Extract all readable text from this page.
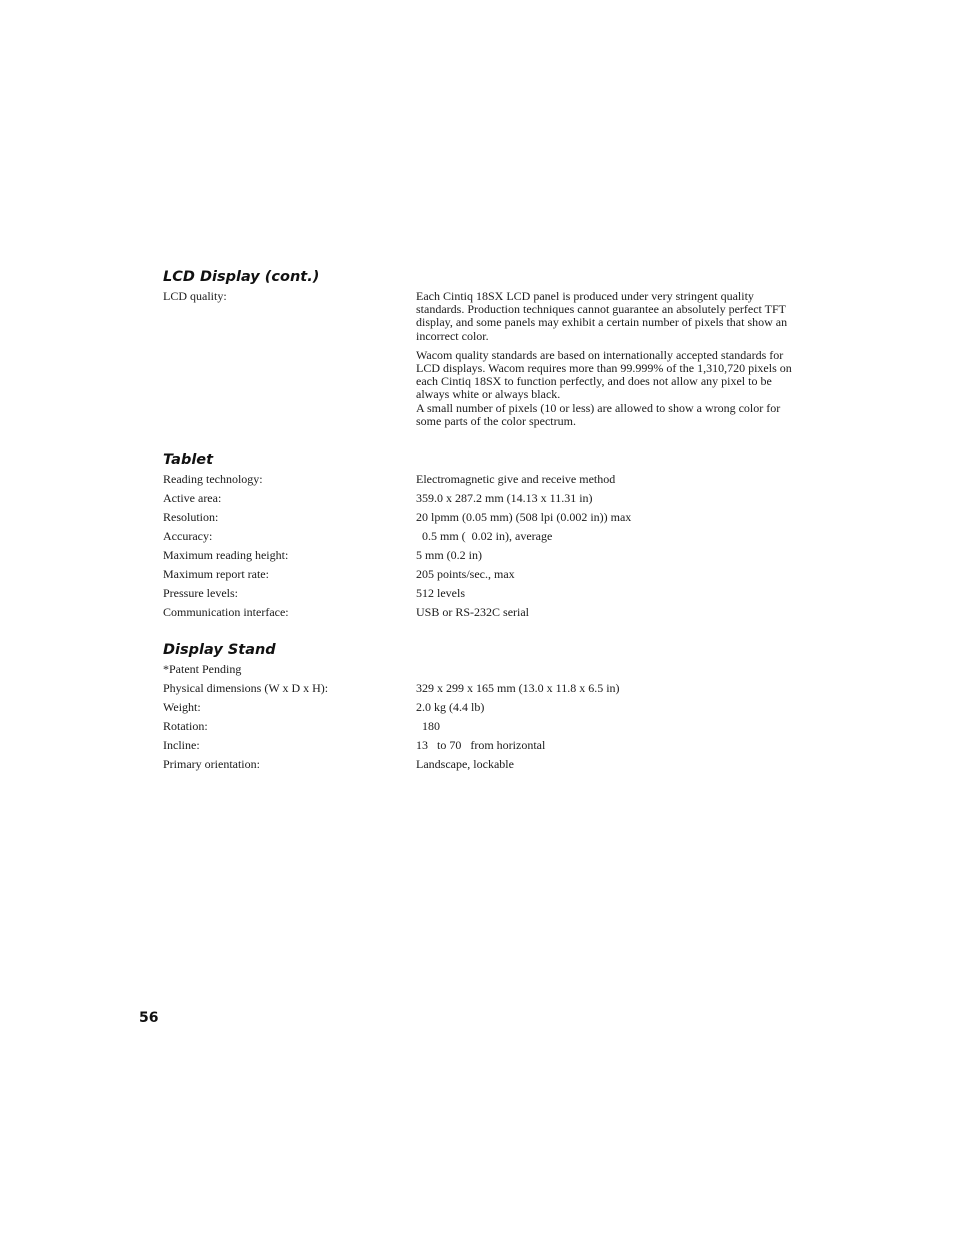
LCD Display (cont.)
LCD quality:	Each Cintiq 18SX LCD panel is produced under very stringent quality standards. Production techniques cannot guarantee an absolutely perfect TFT display, and some panels may exhibit a certain number of pixels that show an incorrect color.

Wacom quality standards are based on internationally accepted standards for LCD displays. Wacom requires more than 99.999% of the 1,310,720 pixels on each Cintiq 18SX to function perfectly, and does not allow any pixel to be always white or always black.
A small number of pixels (10 or less) are allowed to show a wrong color for some parts of the color spectrum.

Tablet
Reading technology:	Electromagnetic give and receive method
Active area:	359.0 x 287.2 mm (14.13 x 11.31 in)
Resolution:	20 lpmm (0.05 mm) (508 lpi (0.002 in)) max
Accuracy:	0.5 mm (  0.02 in), average
Maximum reading height:	5 mm (0.2 in)
Maximum report rate:	205 points/sec., max
Pressure levels:	512 levels
Communication interface:	USB or RS-232C serial
Display Stand
*Patent Pending
Physical dimensions (W x D x H):	329 x 299 x 165 mm (13.0 x 11.8 x 6.5 in)
Weight:	2.0 kg (4.4 lb)
Rotation:	180
Incline:	13   to 70   from horizontal
Primary orientation:	Landscape, lockable
56
